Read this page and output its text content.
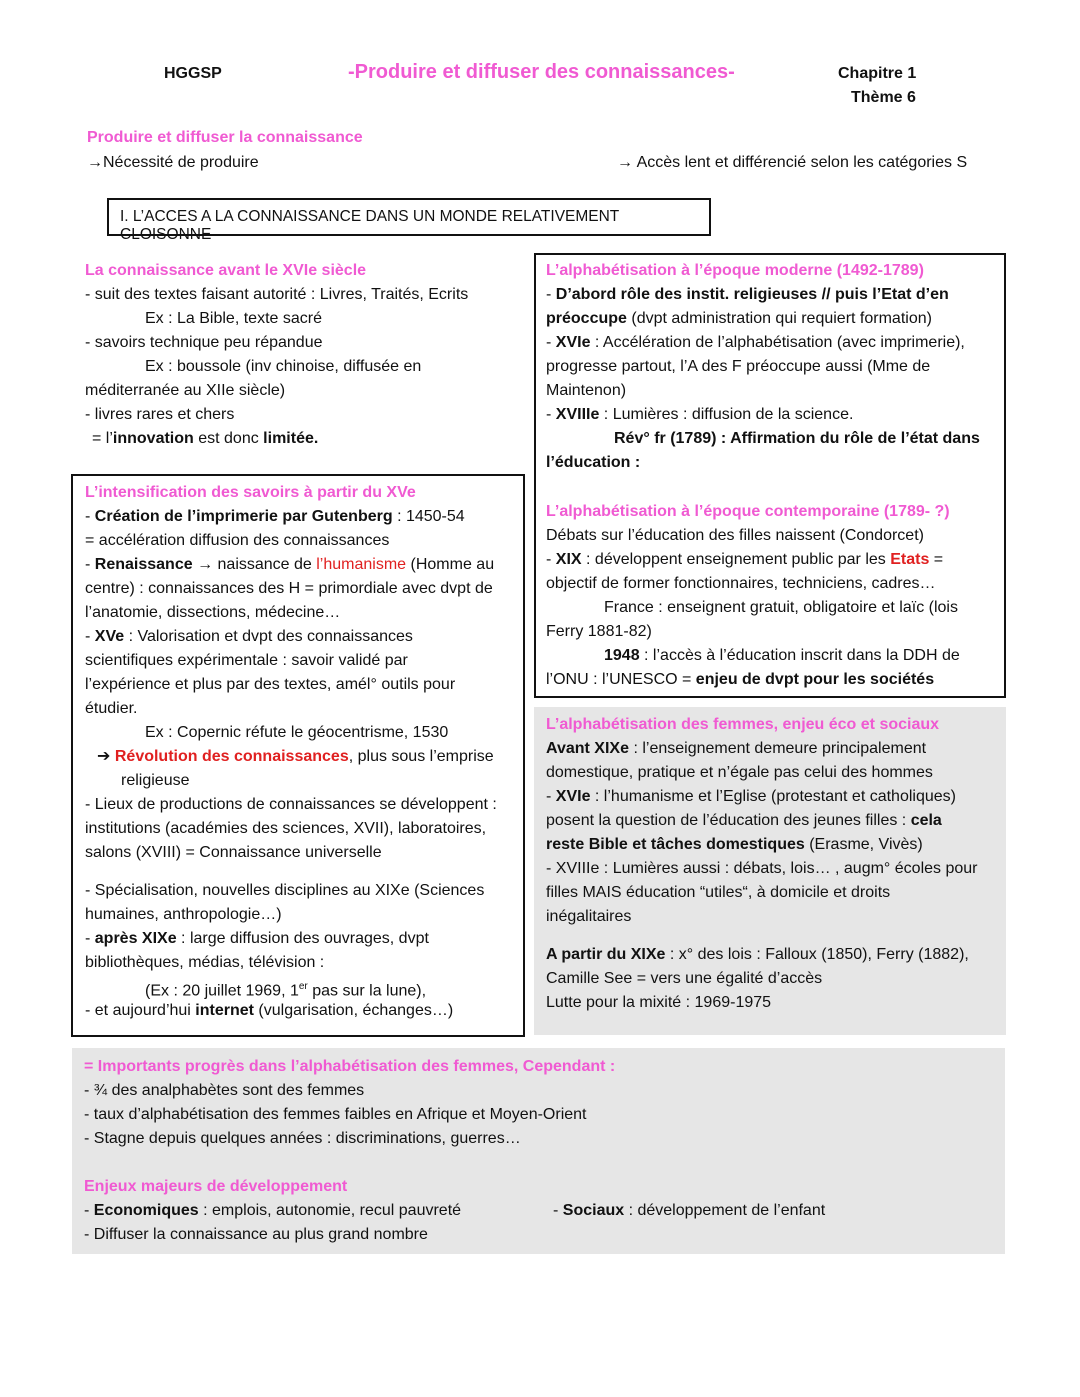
HGGSP	-Produire et diffuser des connaissances-	Chapitre 1
Thème 6
Produire et diffuser la connaissance
→Nécessité de produire	→ Accès lent et différencié selon les catégories S
I. L’ACCES A LA CONNAISSANCE DANS UN MONDE RELATIVEMENT CLOISONNE
La connaissance avant le XVIe siècle
- suit des textes faisant autorité : Livres, Traités, Ecrits
Ex : La Bible, texte sacré
- savoirs technique peu répandue
Ex : boussole (inv chinoise, diffusée en
méditerranée au XIIe siècle)
- livres rares et chers
= l’innovation est donc limitée.
L’intensification des savoirs à partir du XVe
- Création de l’imprimerie par Gutenberg : 1450-54
= accélération diffusion des connaissances
- Renaissance → naissance de l’humanisme (Homme au
centre) : connaissances des H = primordiale avec dvpt de
l’anatomie, dissections, médecine…
- XVe : Valorisation et dvpt des connaissances
scientifiques expérimentale : savoir validé par
l’expérience et plus par des textes, amél° outils pour
étudier.
Ex : Copernic réfute le géocentrisme, 1530
➔ Révolution des connaissances, plus sous l’emprise
religieuse
- Lieux de productions de connaissances se développent :
institutions (académies des sciences, XVII), laboratoires,
salons (XVIII) = Connaissance universelle
- Spécialisation, nouvelles disciplines au XIXe (Sciences
humaines, anthropologie…)
- après XIXe : large diffusion des ouvrages, dvpt
bibliothèques, médias, télévision :
(Ex : 20 juillet 1969, 1er pas sur la lune),
- et aujourd’hui internet (vulgarisation, échanges…)
L’alphabétisation à l’époque moderne (1492-1789)
- D’abord rôle des instit. religieuses // puis l’Etat d’en
préoccupe (dvpt administration qui requiert formation)
- XVIe : Accélération de l’alphabétisation (avec imprimerie),
progresse partout, l’A des F préoccupe aussi (Mme de
Maintenon)
- XVIIIe : Lumières : diffusion de la science.
Rév° fr (1789) : Affirmation du rôle de l’état dans
l’éducation :
L’alphabétisation à l’époque contemporaine (1789- ?)
Débats sur l’éducation des filles naissent (Condorcet)
- XIX : développent enseignement public par les Etats =
objectif de former fonctionnaires, techniciens, cadres…
France : enseignent gratuit, obligatoire et laïc (lois
Ferry 1881-82)
1948 : l’accès à l’éducation inscrit dans la DDH de
l’ONU : l’UNESCO = enjeu de dvpt pour les sociétés
L’alphabétisation des femmes, enjeu éco et sociaux
Avant XIXe : l’enseignement demeure principalement
domestique, pratique et n’égale pas celui des hommes
- XVIe : l’humanisme et l’Eglise (protestant et catholiques)
posent la question de l’éducation des jeunes filles : cela
reste Bible et tâches domestiques (Erasme, Vivès)
- XVIIIe : Lumières aussi : débats, lois… , augm° écoles pour
filles MAIS éducation “utiles“, à domicile et droits
inégalitaires
A partir du XIXe : x° des lois : Falloux (1850), Ferry (1882),
Camille See = vers une égalité d’accès
Lutte pour la mixité : 1969-1975
= Importants progrès dans l’alphabétisation des femmes, Cependant :
- ¾ des analphabètes sont des femmes
- taux d’alphabétisation des femmes faibles en Afrique et Moyen-Orient
- Stagne depuis quelques années : discriminations, guerres…
Enjeux majeurs de développement
- Economiques : emplois, autonomie, recul pauvreté	- Sociaux : développement de l’enfant
- Diffuser la connaissance au plus grand nombre
